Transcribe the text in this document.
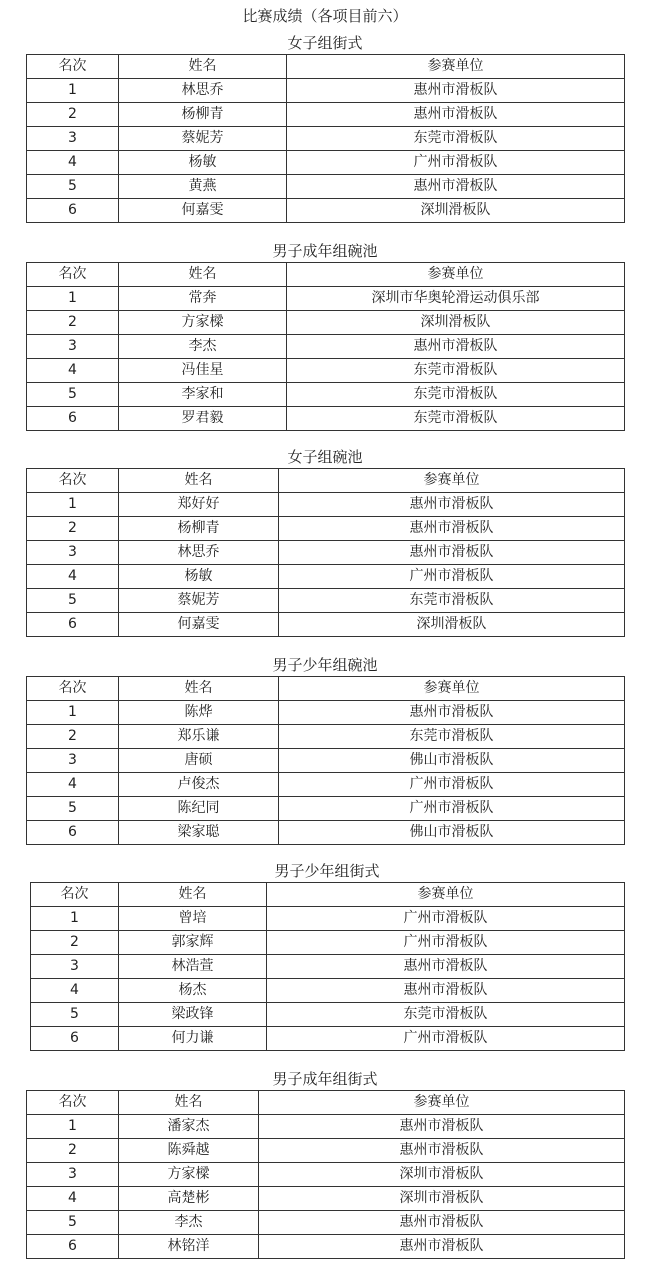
比赛成绩（各项目前六）
女子组街式
名次	姓名	参赛单位
1	林思乔	惠州市滑板队
2	杨柳青	惠州市滑板队
3	蔡妮芳	东莞市滑板队
4	杨敏	广州市滑板队
5	黄燕	惠州市滑板队
6	何嘉雯	深圳滑板队
男子成年组碗池
名次	姓名	参赛单位
1	常奔	深圳市华奥轮滑运动俱乐部
2	方家樑	深圳滑板队
3	李杰	惠州市滑板队
4	冯佳星	东莞市滑板队
5	李家和	东莞市滑板队
6	罗君毅	东莞市滑板队
女子组碗池
名次	姓名	参赛单位
1	郑好好	惠州市滑板队
2	杨柳青	惠州市滑板队
3	林思乔	惠州市滑板队
4	杨敏	广州市滑板队
5	蔡妮芳	东莞市滑板队
6	何嘉雯	深圳滑板队
男子少年组碗池
名次	姓名	参赛单位
1	陈烨	惠州市滑板队
2	郑乐谦	东莞市滑板队
3	唐硕	佛山市滑板队
4	卢俊杰	广州市滑板队
5	陈纪同	广州市滑板队
6	梁家聪	佛山市滑板队
男子少年组街式
名次	姓名	参赛单位
1	曾培	广州市滑板队
2	郭家辉	广州市滑板队
3	林浩萱	惠州市滑板队
4	杨杰	惠州市滑板队
5	梁政锋	东莞市滑板队
6	何力谦	广州市滑板队
男子成年组街式
名次	姓名	参赛单位
1	潘家杰	惠州市滑板队
2	陈舜越	惠州市滑板队
3	方家樑	深圳市滑板队
4	高楚彬	深圳市滑板队
5	李杰	惠州市滑板队
6	林铭洋	惠州市滑板队
